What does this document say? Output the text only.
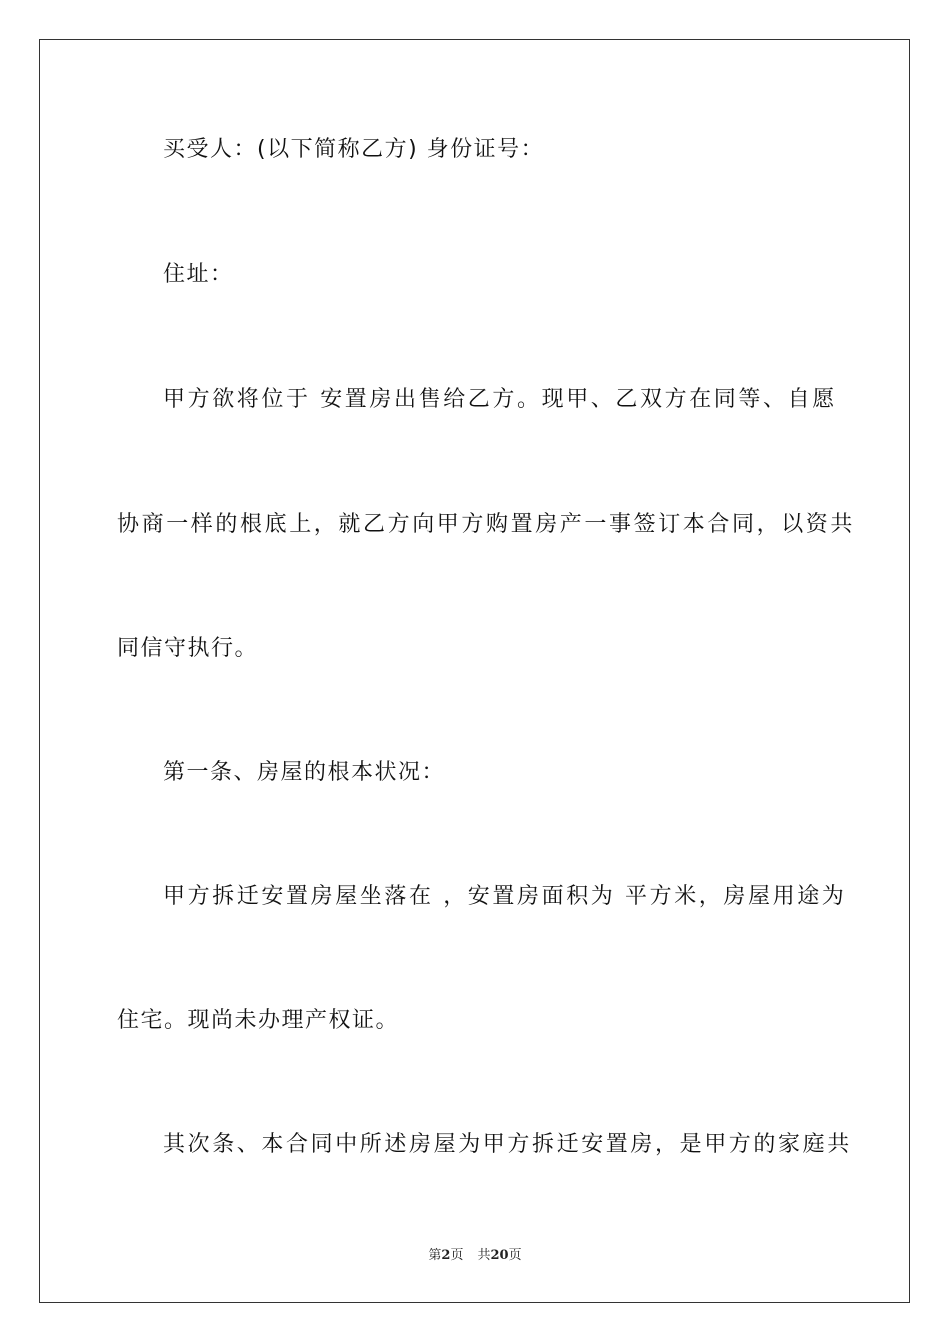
买受人：(以下简称乙方) 身份证号：

住址：

甲方欲将位于 安置房出售给乙方。现甲、乙双方在同等、自愿

协商一样的根底上，就乙方向甲方购置房产一事签订本合同，以资共

同信守执行。

第一条、房屋的根本状况：

甲方拆迁安置房屋坐落在 ，安置房面积为 平方米，房屋用途为

住宅。现尚未办理产权证。

其次条、本合同中所述房屋为甲方拆迁安置房，是甲方的家庭共

第2页 共20页
